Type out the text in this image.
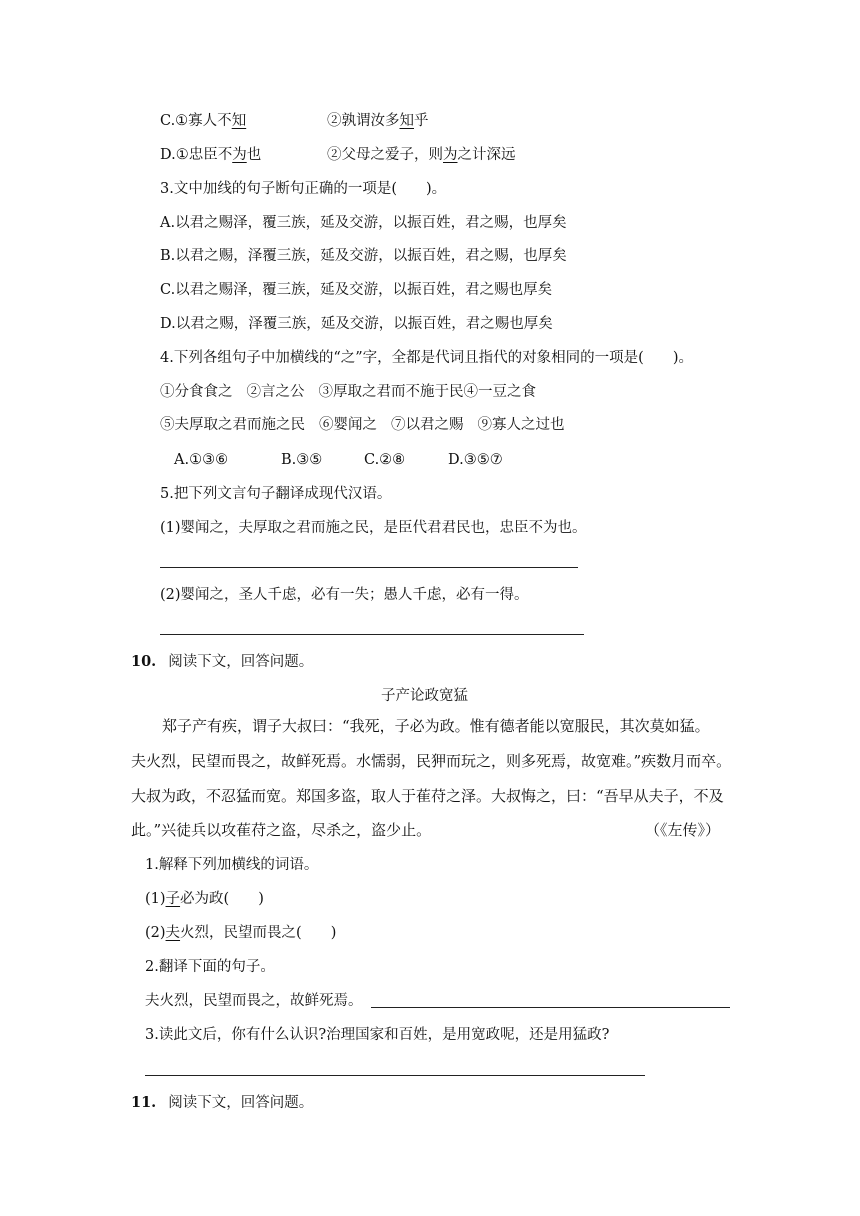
C.①寡人不知	②孰谓汝多知乎
D.①忠臣不为也	②父母之爱子，则为之计深远
3.文中加线的句子断句正确的一项是(　　)。
A.以君之赐泽，覆三族，延及交游，以振百姓，君之赐，也厚矣
B.以君之赐，泽覆三族，延及交游，以振百姓，君之赐，也厚矣
C.以君之赐泽，覆三族，延及交游，以振百姓，君之赐也厚矣
D.以君之赐，泽覆三族，延及交游，以振百姓，君之赐也厚矣
4.下列各组句子中加横线的“之”字，全都是代词且指代的对象相同的一项是(　　)。
①分食食之 ②言之公 ③厚取之君而不施于民④一豆之食
⑤夫厚取之君而施之民 ⑥婴闻之 ⑦以君之赐 ⑨寡人之过也
A.①③⑥	B.③⑤	C.②⑧	D.③⑤⑦
5.把下列文言句子翻译成现代汉语。
(1)婴闻之，夫厚取之君而施之民，是臣代君君民也，忠臣不为也。
(2)婴闻之，圣人千虑，必有一失；愚人千虑，必有一得。
10. 阅读下文，回答问题。
子产论政宽猛
郑子产有疾，谓子大叔曰：“我死，子必为政。惟有德者能以宽服民，其次莫如猛。
夫火烈，民望而畏之，故鲜死焉。水懦弱，民狎而玩之，则多死焉，故宽难。”疾数月而卒。
大叔为政，不忍猛而宽。郑国多盗，取人于萑苻之泽。大叔悔之，曰：“吾早从夫子，不及
此。”兴徒兵以攻萑苻之盗，尽杀之，盗少止。	（《左传》）
1.解释下列加横线的词语。
(1)子必为政(　　)
(2)夫火烈，民望而畏之(　　)
2.翻译下面的句子。
夫火烈，民望而畏之，故鲜死焉。
3.读此文后，你有什么认识?治理国家和百姓，是用宽政呢，还是用猛政?
11. 阅读下文，回答问题。
